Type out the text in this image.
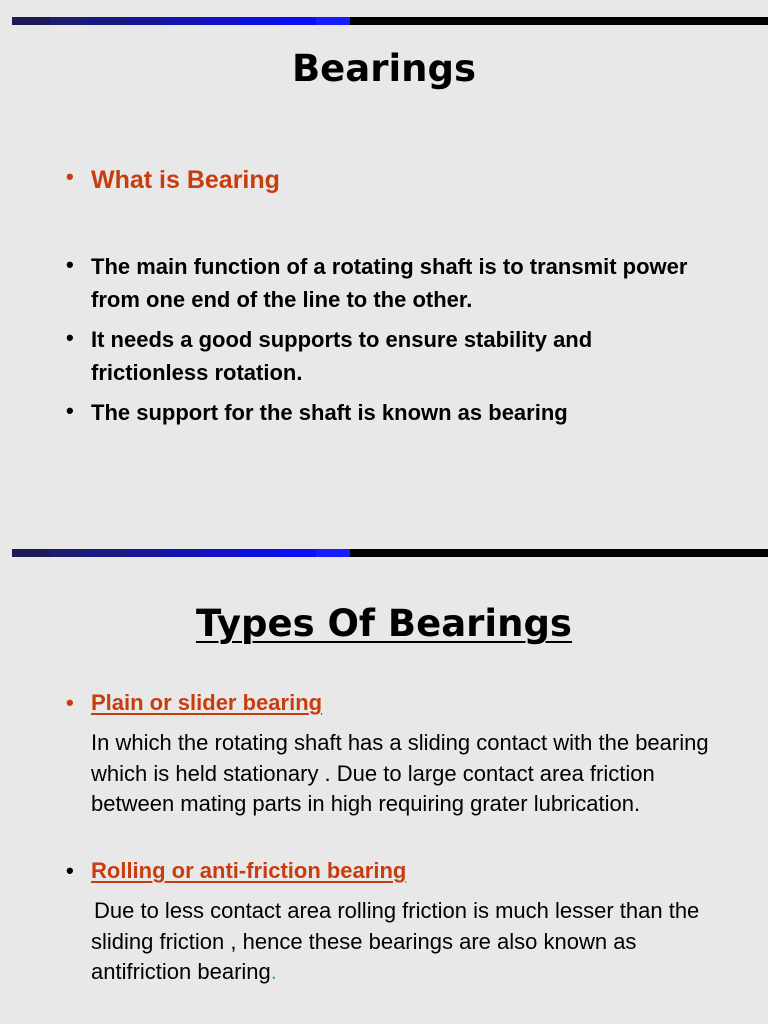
Bearings
• What is Bearing
• The main function of a rotating shaft is to transmit power from one end of the line to the other.
• It needs a good supports to ensure stability and frictionless rotation.
• The support for the shaft is known as bearing
Types Of Bearings
• Plain or slider bearing
In which the rotating shaft has a sliding contact with the bearing which is held stationary . Due to large contact area friction between mating parts in high requiring grater lubrication.
• Rolling or anti-friction bearing
Due to less contact area rolling friction is much lesser than the sliding friction , hence these bearings are also known as antifriction bearing.
